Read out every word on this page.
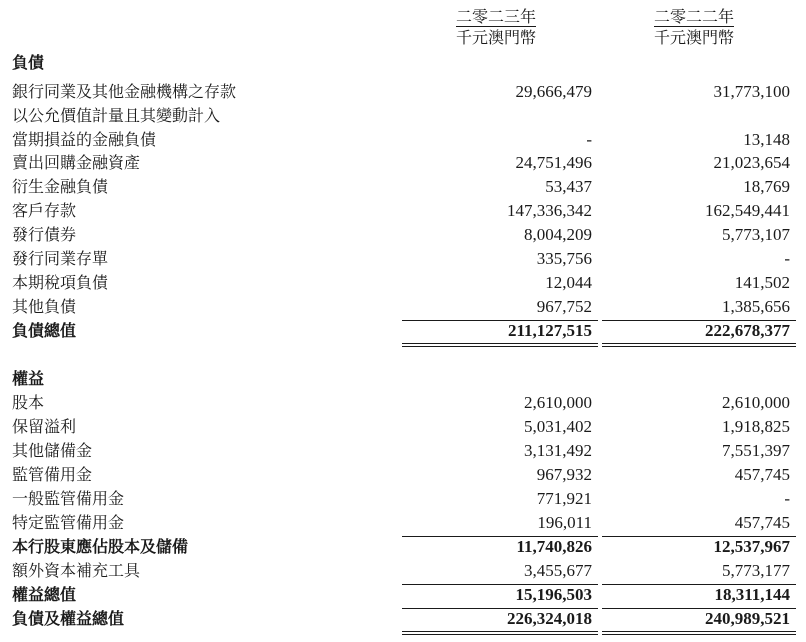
二零二三年
千元澳門幣
二零二二年
千元澳門幣
負債
銀行同業及其他金融機構之存款	29,666,479	31,773,100
以公允價值計量且其變動計入
當期損益的金融負債	-	13,148
賣出回購金融資產	24,751,496	21,023,654
衍生金融負債	53,437	18,769
客戶存款	147,336,342	162,549,441
發行債券	8,004,209	5,773,107
發行同業存單	335,756	-
本期稅項負債	12,044	141,502
其他負債	967,752	1,385,656
負債總值	211,127,515	222,678,377
權益
股本	2,610,000	2,610,000
保留溢利	5,031,402	1,918,825
其他儲備金	3,131,492	7,551,397
監管備用金	967,932	457,745
一般監管備用金	771,921	-
特定監管備用金	196,011	457,745
本行股東應佔股本及儲備	11,740,826	12,537,967
額外資本補充工具	3,455,677	5,773,177
權益總值	15,196,503	18,311,144
負債及權益總值	226,324,018	240,989,521
